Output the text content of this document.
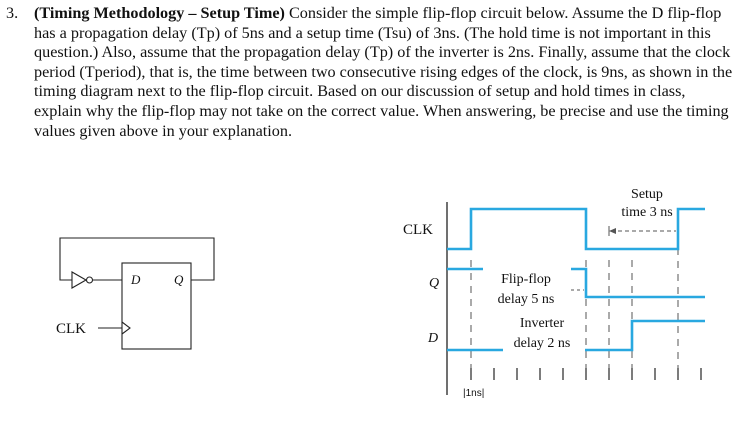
3. (Timing Methodology – Setup Time) Consider the simple flip-flop circuit below. Assume the D flip-flop has a propagation delay (Tp) of 5ns and a setup time (Tsu) of 3ns. (The hold time is not important in this question.) Also, assume that the propagation delay (Tp) of the inverter is 2ns. Finally, assume that the clock period (Tperiod), that is, the time between two consecutive rising edges of the clock, is 9ns, as shown in the timing diagram next to the flip-flop circuit. Based on our discussion of setup and hold times in class, explain why the flip-flop may not take on the correct value. When answering, be precise and use the timing values given above in your explanation.
D	Q
CLK
CLK
Q
D
|1ns|
Setup
time 3 ns
Flip-flop
delay 5 ns
Inverter
delay 2 ns
